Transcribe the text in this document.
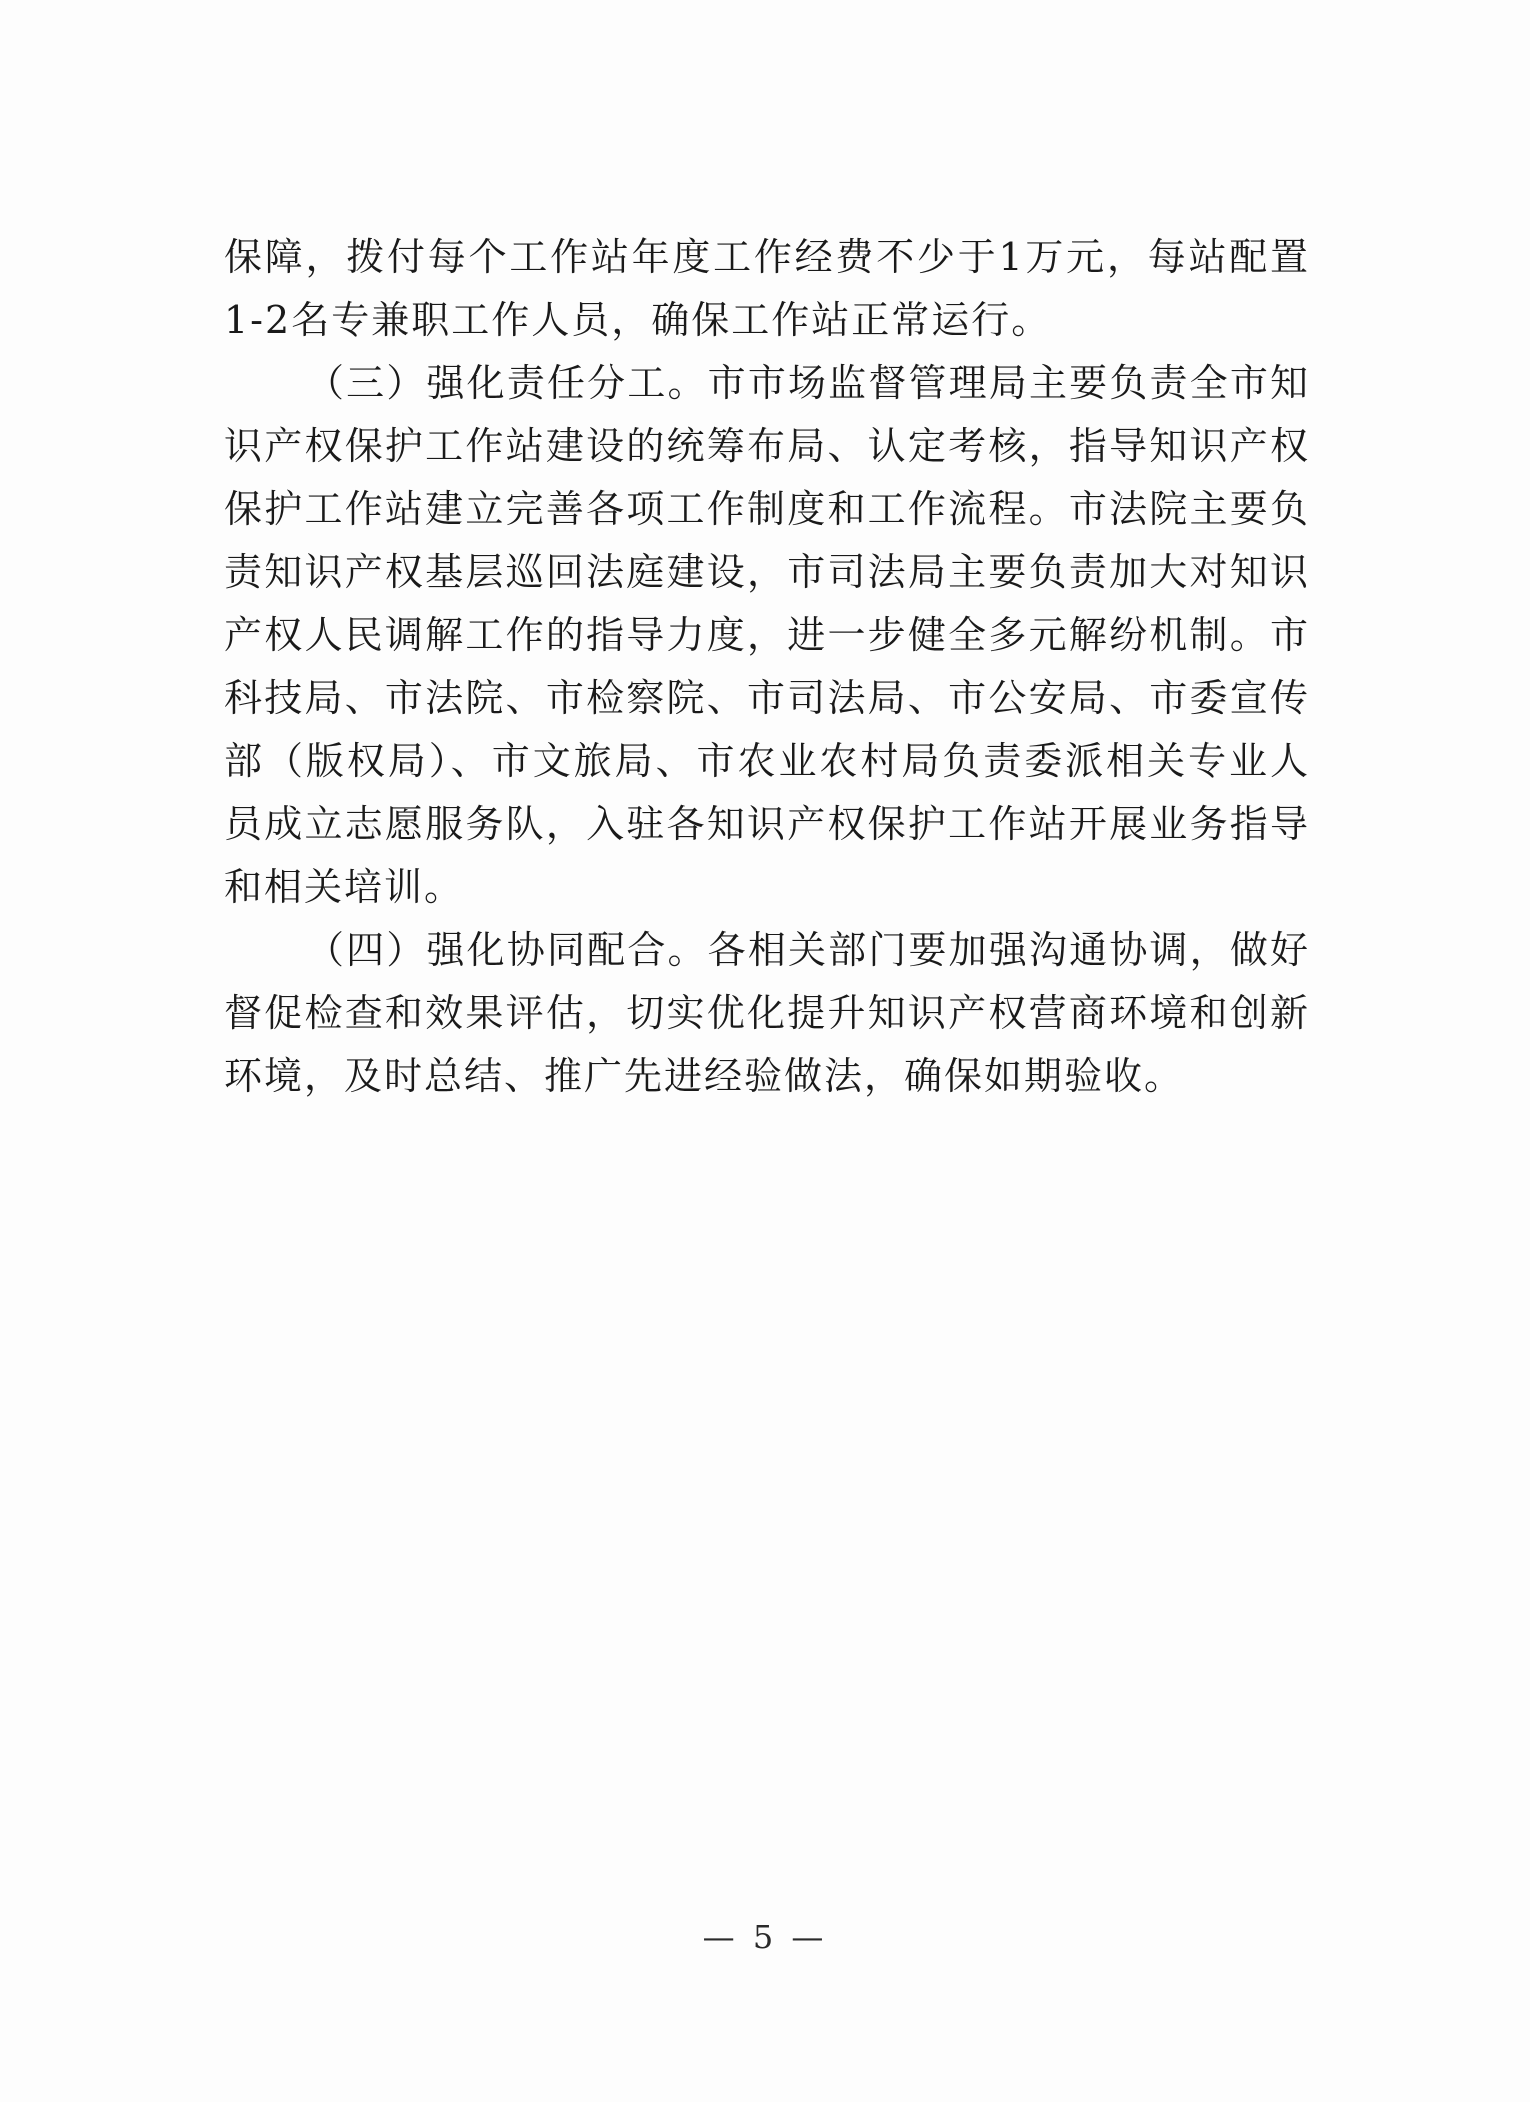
保障，拨付每个工作站年度工作经费不少于1万元，每站配置1-2名专兼职工作人员，确保工作站正常运行。

（三）强化责任分工。市市场监督管理局主要负责全市知识产权保护工作站建设的统筹布局、认定考核，指导知识产权保护工作站建立完善各项工作制度和工作流程。市法院主要负责知识产权基层巡回法庭建设，市司法局主要负责加大对知识产权人民调解工作的指导力度，进一步健全多元解纷机制。市科技局、市法院、市检察院、市司法局、市公安局、市委宣传部（版权局）、市文旅局、市农业农村局负责委派相关专业人员成立志愿服务队，入驻各知识产权保护工作站开展业务指导和相关培训。

（四）强化协同配合。各相关部门要加强沟通协调，做好督促检查和效果评估，切实优化提升知识产权营商环境和创新环境，及时总结、推广先进经验做法，确保如期验收。

— 5 —
